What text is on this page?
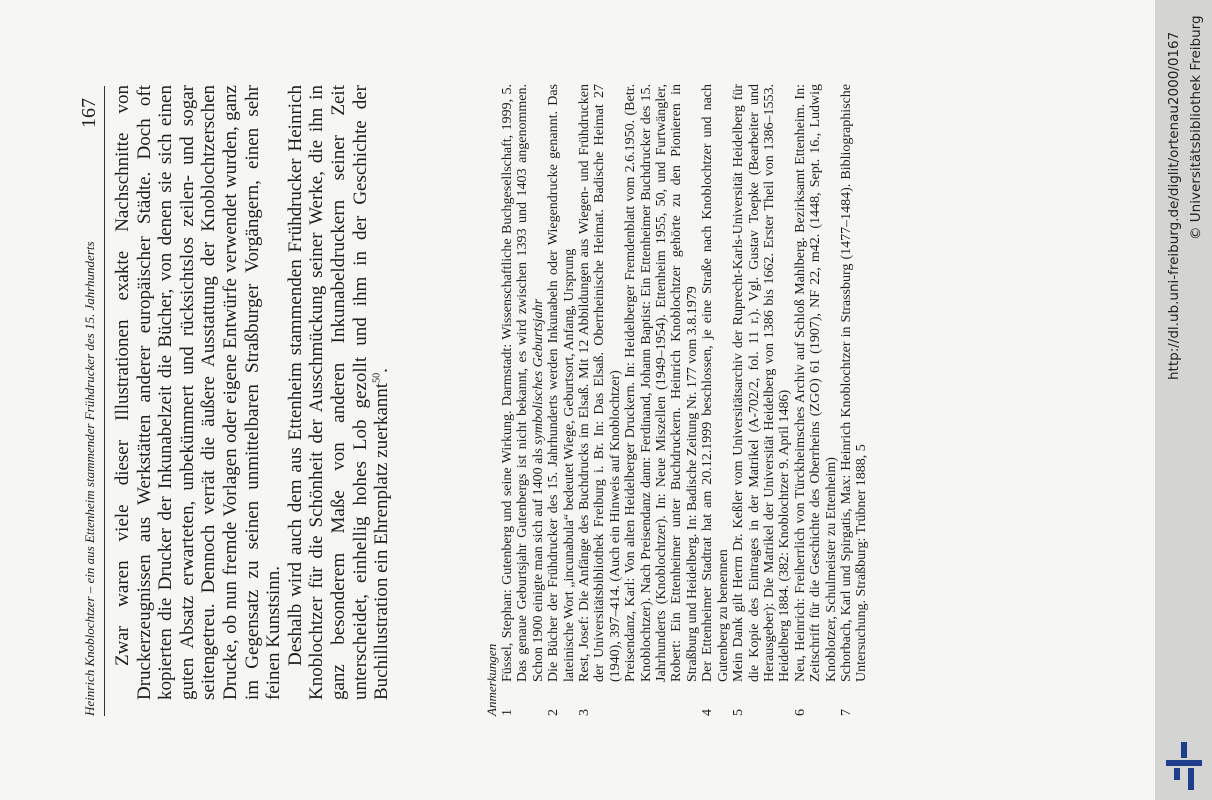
Heinrich Knoblochtzer – ein aus Ettenheim stammender Frühdrucker des 15. Jahrhunderts
167 Zwar waren viele dieser Illustrationen exakte Nachschnitte von Druckerzeugnissen aus Werkstätten anderer europäischer Städte. Doch oft kopierten die Drucker der Inkunabelzeit die Bücher, von denen sie sich einen guten Absatz erwarteten, unbekümmert und rücksichtslos zeilen- und sogar seitengetreu. Dennoch verrät die äußere Ausstattung der Knoblochtzerschen Drucke, ob nun fremde Vorlagen oder eigene Entwürfe verwendet wurden, ganz im Gegensatz zu seinen unmittelbaren Straßburger Vorgängern, einen sehr feinen Kunstsinn. Deshalb wird auch dem aus Ettenheim stammenden Frühdrucker Heinrich Knoblochtzer für die Schönheit der Ausschmückung seiner Werke, die ihn in ganz besonderem Maße von anderen Inkunabeldruckern seiner Zeit unterscheidet, einhellig hohes Lob gezollt und ihm in der Geschichte der Buchillustration ein Ehrenplatz zuerkannt$^{50}$.

Anmerkungen 1
Füssel, Stephan: Gutenberg und seine Wirkung. Darmstadt: Wissenschaftliche Buchgesellschaft, 1999, 5. Das genaue Geburtsjahr Gutenbergs ist nicht bekannt, es wird zwischen 1393 und 1403 angenommen. Schon 1900 einigte man sich auf 1400 als symbolisches Geburtsjahr
2
Die Bücher der Frühdrucker des 15. Jahrhunderts werden Inkunabeln oder Wiegendrucke genannt. Das lateinische Wort „incunabula“ bedeutet Wiege, Geburtsort, Anfang, Ursprung
3
Rest, Josef: Die Anfänge des Buchdrucks im Elsaß. Mit 12 Abbildungen aus Wiegen- und Frühdrucken der Universitätsbibliothek Freiburg i. Br. In: Das Elsaß. Oberrheinische Heimat. Badische Heimat 27 (1940), 397–414. (Auch ein Hinweis auf Knoblochtzer) Preisendanz, Karl: Von alten Heidelberger Druckern. In: Heidelberger Fremdenblatt vom 2.6.1950. (Betr. Knoblochtzer). Nach Preisendanz dann: Ferdinand, Johann Baptist: Ein Ettenheimer Buchdrucker des 15. Jahrhunderts (Knoblochtzer). In: Neue Miszellen (1949–1954). Ettenheim 1955, 50, und Furtwängler, Robert: Ein Ettenheimer unter Buchdruckern. Heinrich Knoblochtzer gehörte zu den Pionieren in Straßburg und Heidelberg. In: Badische Zeitung Nr. 177 vom 3.8.1979
4
Der Ettenheimer Stadtrat hat am 20.12.1999 beschlossen, je eine Straße nach Knoblochtzer und nach Gutenberg zu benennen
5
Mein Dank gilt Herrn Dr. Keßler vom Universitätsarchiv der Ruprecht-Karls-Universität Heidelberg für die Kopie des Eintrages in der Matrikel (A-702/2, fol. 11 r.). Vgl. Gustav Toepke (Bearbeiter und Herausgeber): Die Matrikel der Universität Heidelberg von 1386 bis 1662. Erster Theil von 1386–1553. Heidelberg 1884. (382: Knoblochtzer 9. April 1486)
6
Neu, Heinrich: Freiherrlich von Türckheimsches Archiv auf Schloß Mahlberg. Bezirksamt Ettenheim. In: Zeitschrift für die Geschichte des Oberrheins (ZGO) 61 (1907), NF 22, m42. (1448, Sept. 16., Ludwig Knoblotzer, Schulmeister zu Ettenheim)
7
Schorbach, Karl und Spirgatis, Max: Heinrich Knoblochtzer in Strassburg (1477–1484). Bibliographische Untersuchung. Straßburg: Trübner 1888, 5
http://dl.ub.uni-freiburg.de/diglit/ortenau2000/0167 © Universitätsbibliothek Freiburg
